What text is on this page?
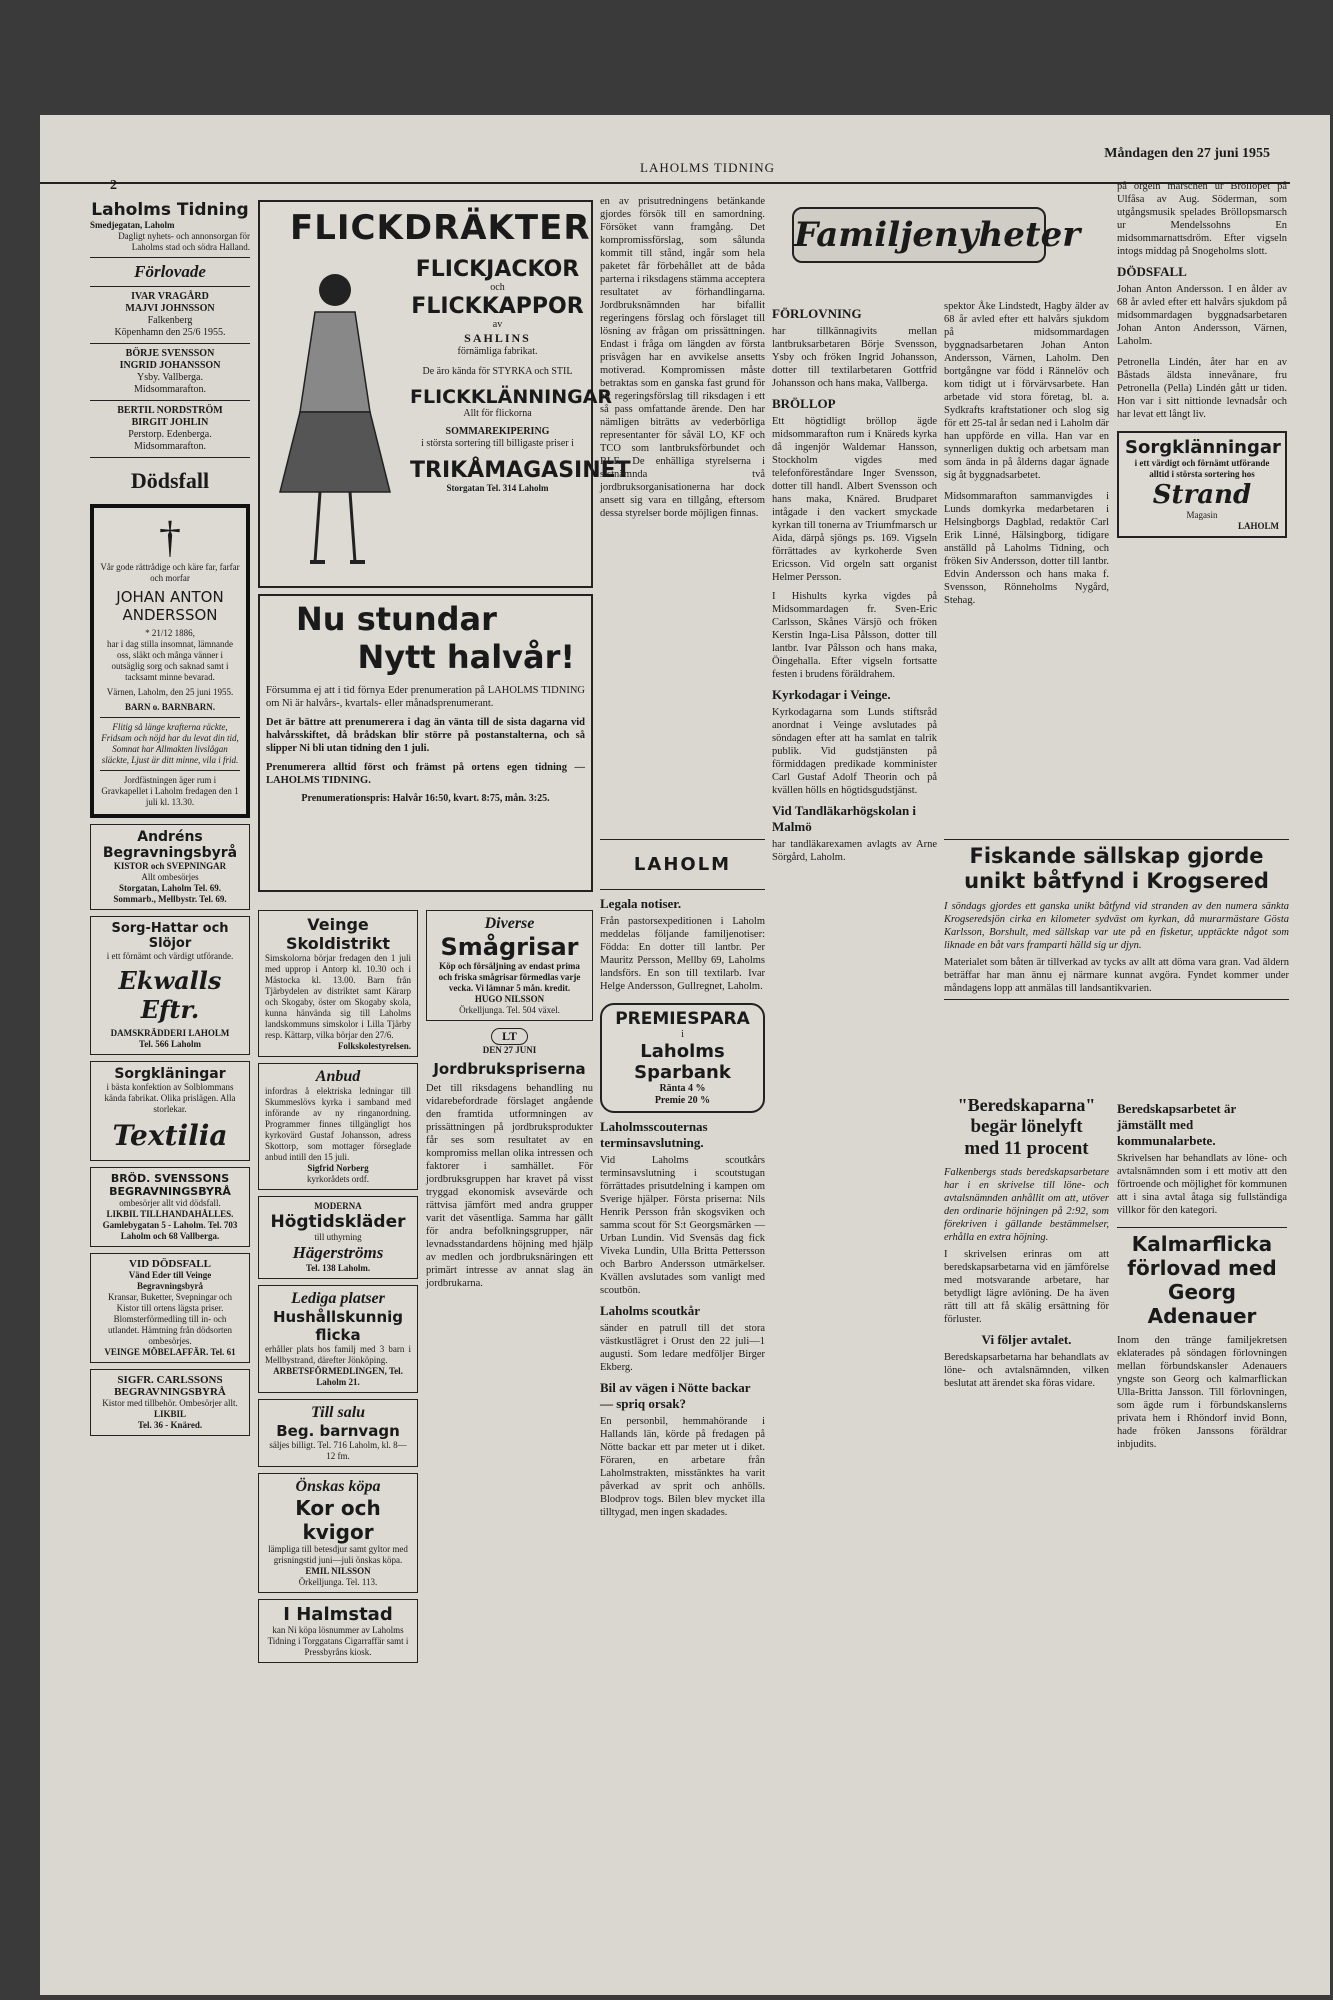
2
LAHOLMS TIDNING
Måndagen den 27 juni 1955
Laholms Tidning
Smedjegatan, Laholm
Dagligt nyhets- och annonsorgan för Laholms stad och södra Halland.
Förlovade
IVAR VRAGÅRD
MAJVI JOHNSSON
Falkenberg
Köpenhamn den 25/6 1955.
BÖRJE SVENSSON
INGRID JOHANSSON
Ysby. Vallberga.
Midsommarafton.
BERTIL NORDSTRÖM
BIRGIT JOHLIN
Perstorp. Edenberga.
Midsommarafton.
Dödsfall
†
Vår gode rättrådige och käre far, farfar och morfar
JOHAN ANTON ANDERSSON
* 21/12 1886,
har i dag stilla insomnat, lämnande oss, släkt och många vänner i outsäglig sorg och saknad samt i tacksamt minne bevarad.
Värnen, Laholm, den 25 juni 1955.
BARN o. BARNBARN.
Flitig så länge krafterna räckte, Fridsam och nöjd har du levat din tid, Somnat har Allmakten livslågan släckte, Ljust är ditt minne, vila i frid.
Jordfästningen äger rum i Gravkapellet i Laholm fredagen den 1 juli kl. 13.30.
Andréns Begravningsbyrå
KISTOR och SVEPNINGAR
Allt ombesörjes
Storgatan, Laholm Tel. 69.
Sommarb., Mellbystr. Tel. 69.
Sorg-Hattar och Slöjor
i ett förnämt och värdigt utförande.
Ekwalls Eftr.
DAMSKRÄDDERI LAHOLM
Tel. 566 Laholm
Sorgkläningar
i bästa konfektion av Solblommans kända fabrikat. Olika prislägen. Alla storlekar.
Textilia
BRÖD. SVENSSONS BEGRAVNINGSBYRÅ
ombesörjer allt vid dödsfall.
LIKBIL TILLHANDAHÅLLES.
Gamlebygatan 5 - Laholm. Tel. 703 Laholm och 68 Vallberga.
VID DÖDSFALL
Vänd Eder till Veinge Begravningsbyrå
Kransar, Buketter, Svepningar och Kistor till ortens lägsta priser. Blomsterförmedling till in- och utlandet. Hämtning från dödsorten ombesörjes.
VEINGE MÖBELAFFÄR. Tel. 61
SIGFR. CARLSSONS BEGRAVNINGSBYRÅ
Kistor med tillbehör. Ombesörjer allt.
LIKBIL
Tel. 36 - Knäred.
FLICKDRÄKTER
FLICKJACKOR
och
FLICKKAPPOR
av
SAHLINS
förnämliga fabrikat.
De äro kända för STYRKA och STIL
FLICKKLÄNNINGAR
Allt för flickorna
SOMMAREKIPERING
i största sortering till billigaste priser i
TRIKÅMAGASINET
Storgatan Tel. 314 Laholm
Nu stundar
Nytt halvår!
Försumma ej att i tid förnya Eder prenumeration på LAHOLMS TIDNING om Ni är halvårs-, kvartals- eller månadsprenumerant.
Det är bättre att prenumerera i dag än vänta till de sista dagarna vid halvårsskiftet, då brådskan blir större på postanstalterna, och så slipper Ni bli utan tidning den 1 juli.
Prenumerera alltid först och främst på ortens egen tidning — LAHOLMS TIDNING.
Prenumerationspris: Halvår 16:50, kvart. 8:75, mån. 3:25.
Veinge Skoldistrikt
Simskolorna börjar fredagen den 1 juli med upprop i Antorp kl. 10.30 och i Mästocka kl. 13.00. Barn från Tjärbydelen av distriktet samt Kärarp och Skogaby, öster om Skogaby skola, kunna hänvända sig till Laholms landskommuns simskolor i Lilla Tjärby resp. Kättarp, vilka börjar den 27/6.
Folkskolestyrelsen.
Anbud
infordras å elektriska ledningar till Skummeslövs kyrka i samband med införande av ny ringanordning. Programmer finnes tillgängligt hos kyrkovärd Gustaf Johansson, adress Skottorp, som mottager förseglade anbud intill den 15 juli.
Sigfrid Norberg
kyrkorådets ordf.
MODERNA
Högtidskläder
till uthyrning
Hägerströms
Tel. 138 Laholm.
Lediga platser
Hushållskunnig flicka
erhåller plats hos familj med 3 barn i Mellbystrand, därefter Jönköping.
ARBETSFÖRMEDLINGEN, Tel. Laholm 21.
Till salu
Beg. barnvagn
säljes billigt. Tel. 716 Laholm, kl. 8—12 fm.
Önskas köpa
Kor och kvigor
lämpliga till betesdjur samt gyltor med grisningstid juni—juli önskas köpa.
EMIL NILSSON
Örkelljunga. Tel. 113.
I Halmstad
kan Ni köpa lösnummer av Laholms Tidning i Torggatans Cigarraffär samt i Pressbyråns kiosk.
Diverse
Smågrisar
Köp och försäljning av endast prima och friska smågrisar förmedlas varje vecka. Vi lämnar 5 mån. kredit.
HUGO NILSSON
Örkelljunga. Tel. 504 växel.
LT
DEN 27 JUNI
Jordbrukspriserna
Det till riksdagens behandling nu vidarebefordrade förslaget angående den framtida utformningen av prissättningen på jordbruksprodukter får ses som resultatet av en kompromiss mellan olika intressen och faktorer i samhället. För jordbruksgruppen har kravet på visst tryggad ekonomisk avsevärde och rättvisa jämfört med andra grupper varit det väsentliga. Samma har gällt för andra befolkningsgrupper, när levnadsstandardens höjning med hjälp av medlen och jordbruksnäringen ett primärt intresse av annat slag än jordbrukarna.
en av prisutredningens betänkande gjordes försök till en samordning. Försöket vann framgång. Det kompromissförslag, som sålunda kommit till stånd, ingår som hela paketet får förbehållet att de båda parterna i riksdagens stämma acceptera resultatet av förhandlingarna. Jordbruksnämnden har bifallit regeringens förslag och förslaget till lösning av frågan om prissättningen. Endast i fråga om längden av första prisvågen har en avvikelse ansetts motiverad. Kompromissen måste betraktas som en ganska fast grund för ett regeringsförslag till riksdagen i ett så pass omfattande ärende. Den har nämligen biträtts av vederbörliga representanter för såväl LO, KF och TCO som lantbruksförbundet och RLF. De enhälliga styrelserna i sistnämnda två jordbruksorganisationerna har dock ansett sig vara en tillgång, eftersom dessa styrelser borde möjligen finnas.
LAHOLM
Legala notiser.
Från pastorsexpeditionen i Laholm meddelas följande familjenotiser: Födda: En dotter till lantbr. Per Mauritz Persson, Mellby 69, Laholms landsförs. En son till textilarb. Ivar Helge Andersson, Gullregnet, Laholm.
PREMIESPARA
i
Laholms Sparbank
Ränta 4 %
Premie 20 %
Laholmsscouternas terminsavslutning.
Vid Laholms scoutkårs terminsavslutning i scoutstugan förrättades prisutdelning i kampen om Sverige hjälper. Första priserna: Nils Henrik Persson från skogsviken och samma scout för S:t Georgsmärken — Urban Lundin. Vid Svensäs dag fick Viveka Lundin, Ulla Britta Pettersson och Barbro Andersson utmärkelser. Kvällen avslutades som vanligt med scoutbön.
Laholms scoutkår
sänder en patrull till det stora västkustlägret i Orust den 22 juli—1 augusti. Som ledare medföljer Birger Ekberg.
Bil av vägen i Nötte backar — spriq orsak?
En personbil, hemmahörande i Hallands län, körde på fredagen på Nötte backar ett par meter ut i diket. Föraren, en arbetare från Laholmstrakten, misstänktes ha varit påverkad av sprit och anhölls. Blodprov togs. Bilen blev mycket illa tilltygad, men ingen skadades.
Familjenyheter
FÖRLOVNING
har tillkännagivits mellan lantbruksarbetaren Börje Svensson, Ysby och fröken Ingrid Johansson, dotter till textilarbetaren Gottfrid Johansson och hans maka, Vallberga.
BRÖLLOP
Ett högtidligt bröllop ägde midsommarafton rum i Knäreds kyrka då ingenjör Waldemar Hansson, Stockholm vigdes med telefonföreståndare Inger Svensson, dotter till handl. Albert Svensson och hans maka, Knäred. Brudparet intågade i den vackert smyckade kyrkan till tonerna av Triumfmarsch ur Aida, därpå sjöngs ps. 169. Vigseln förrättades av kyrkoherde Sven Ericsson. Vid orgeln satt organist Helmer Persson.
I Hishults kyrka vigdes på Midsommardagen fr. Sven-Eric Carlsson, Skånes Värsjö och fröken Kerstin Inga-Lisa Pålsson, dotter till lantbr. Ivar Pålsson och hans maka, Öingehalla. Efter vigseln fortsatte festen i brudens föräldrahem.
Kyrkodagar i Veinge.
Kyrkodagarna som Lunds stiftsråd anordnat i Veinge avslutades på söndagen efter att ha samlat en talrik publik. Vid gudstjänsten på förmiddagen predikade komminister Carl Gustaf Adolf Theorin och på kvällen hölls en högtidsgudstjänst.
Vid Tandläkarhögskolan i Malmö
har tandläkarexamen avlagts av Arne Sörgård, Laholm.
spektor Åke Lindstedt, Hagby älder av 68 år avled efter ett halvårs sjukdom på midsommardagen byggnadsarbetaren Johan Anton Andersson, Värnen, Laholm. Den bortgångne var född i Rännelöv och kom tidigt ut i förvärvsarbete. Han arbetade vid stora företag, bl. a. Sydkrafts kraftstationer och slog sig för ett 25-tal år sedan ned i Laholm där han uppförde en villa. Han var en synnerligen duktig och arbetsam man som ända in på ålderns dagar ägnade sig åt byggnadsarbetet.
Midsommarafton sammanvigdes i Lunds domkyrka medarbetaren i Helsingborgs Dagblad, redaktör Carl Erik Linné, Hälsingborg, tidigare anställd på Laholms Tidning, och fröken Siv Andersson, dotter till lantbr. Edvin Andersson och hans maka f. Svensson, Rönneholms Nygård, Stehag.
på orgeln marschen ur Bröllopet på Ulfåsa av Aug. Söderman, som utgångsmusik spelades Bröllopsmarsch ur Mendelssohns En midsommarnattsdröm. Efter vigseln intogs middag på Snogeholms slott.
DÖDSFALL
Johan Anton Andersson. I en ålder av 68 år avled efter ett halvårs sjukdom på midsommardagen byggnadsarbetaren Johan Anton Andersson, Värnen, Laholm.
Petronella Lindén, åter har en av Båstads äldsta innevånare, fru Petronella (Pella) Lindén gått ur tiden. Hon var i sitt nittionde levnadsår och har levat ett långt liv.
Sorgklänningar
i ett värdigt och förnämt utförande alltid i största sortering hos
Strand
Magasin
LAHOLM
Fiskande sällskap gjorde unikt båtfynd i Krogsered
I söndags gjordes ett ganska unikt båtfynd vid stranden av den numera sänkta Krogseredsjön cirka en kilometer sydväst om kyrkan, då murarmästare Gösta Karlsson, Borshult, med sällskap var ute på en fisketur, upptäckte något som liknade en båt vars framparti hälld sig ur djyn.
Materialet som båten är tillverkad av tycks av allt att döma vara gran. Vad äldern beträffar har man ännu ej närmare kunnat avgöra. Fyndet kommer under måndagens lopp att anmälas till landsantikvarien.
"Beredskaparna"
begär lönelyft
med 11 procent
Falkenbergs stads beredskapsarbetare har i en skrivelse till löne- och avtalsnämnden anhållit om att, utöver den ordinarie höjningen på 2:92, som förekriven i gällande bestämmelser, erhålla en extra höjning.
I skrivelsen erinras om att beredskapsarbetarna vid en jämförelse med motsvarande arbetare, har betydligt lägre avlöning. De ha även rätt till att få skälig ersättning för förluster.
Vi följer avtalet.
Beredskapsarbetarna har behandlats av löne- och avtalsnämnden, vilken beslutat att ärendet ska föras vidare.
Beredskapsarbetet är jämställt med kommunalarbete.
Skrivelsen har behandlats av löne- och avtalsnämnden som i ett motiv att den förtroende och möjlighet för kommunen att i sina avtal åtaga sig fullständiga villkor för den kategori.
Kalmarflicka förlovad med Georg Adenauer
Inom den tränge familjekretsen eklaterades på söndagen förlovningen mellan förbundskansler Adenauers yngste son Georg och kalmarflickan Ulla-Britta Jansson. Till förlovningen, som ägde rum i förbundskanslerns privata hem i Rhöndorf invid Bonn, hade fröken Janssons föräldrar inbjudits.
